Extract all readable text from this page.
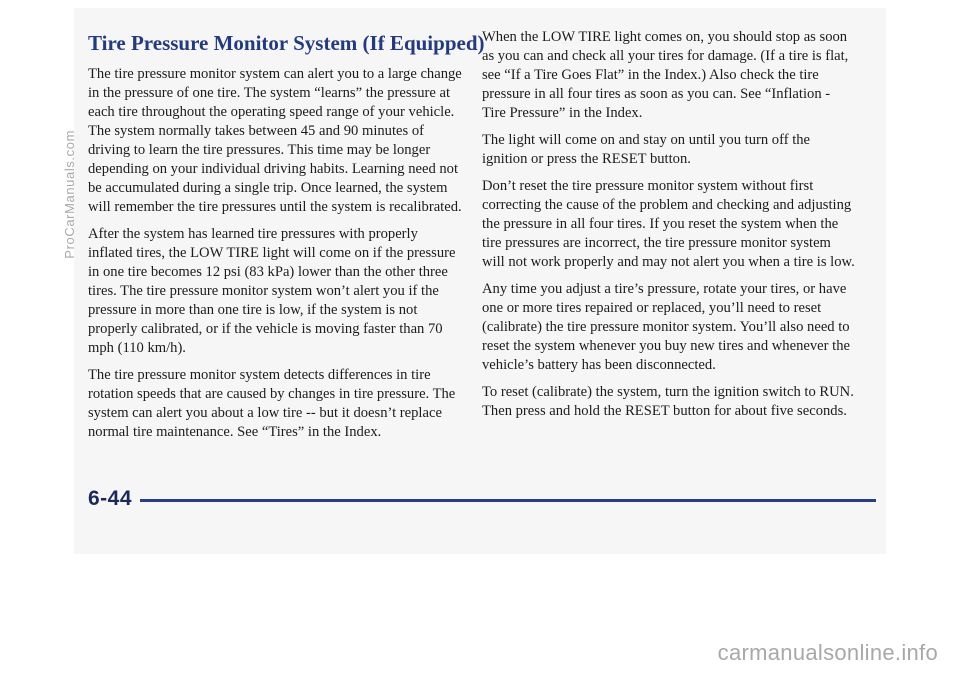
Tire Pressure Monitor System (If Equipped)

The tire pressure monitor system can alert you to a large change in the pressure of one tire. The system “learns” the pressure at each tire throughout the operating speed range of your vehicle. The system normally takes between 45 and 90 minutes of driving to learn the tire pressures. This time may be longer depending on your individual driving habits. Learning need not be accumulated during a single trip. Once learned, the system will remember the tire pressures until the system is recalibrated.

After the system has learned tire pressures with properly inflated tires, the LOW TIRE light will come on if the pressure in one tire becomes 12 psi (83 kPa) lower than the other three tires. The tire pressure monitor system won’t alert you if the pressure in more than one tire is low, if the system is not properly calibrated, or if the vehicle is moving faster than 70 mph (110 km/h).

The tire pressure monitor system detects differences in tire rotation speeds that are caused by changes in tire pressure. The system can alert you about a low tire -- but it doesn’t replace normal tire maintenance. See “Tires” in the Index.

When the LOW TIRE light comes on, you should stop as soon as you can and check all your tires for damage. (If a tire is flat, see “If a Tire Goes Flat” in the Index.) Also check the tire pressure in all four tires as soon as you can. See “Inflation - Tire Pressure” in the Index.

The light will come on and stay on until you turn off the ignition or press the RESET button.

Don’t reset the tire pressure monitor system without first correcting the cause of the problem and checking and adjusting the pressure in all four tires. If you reset the system when the tire pressures are incorrect, the tire pressure monitor system will not work properly and may not alert you when a tire is low.

Any time you adjust a tire’s pressure, rotate your tires, or have one or more tires repaired or replaced, you’ll need to reset (calibrate) the tire pressure monitor system. You’ll also need to reset the system whenever you buy new tires and whenever the vehicle’s battery has been disconnected.

To reset (calibrate) the system, turn the ignition switch to RUN. Then press and hold the RESET button for about five seconds.

6-44
ProCarManuals.com
carmanualsonline.info
